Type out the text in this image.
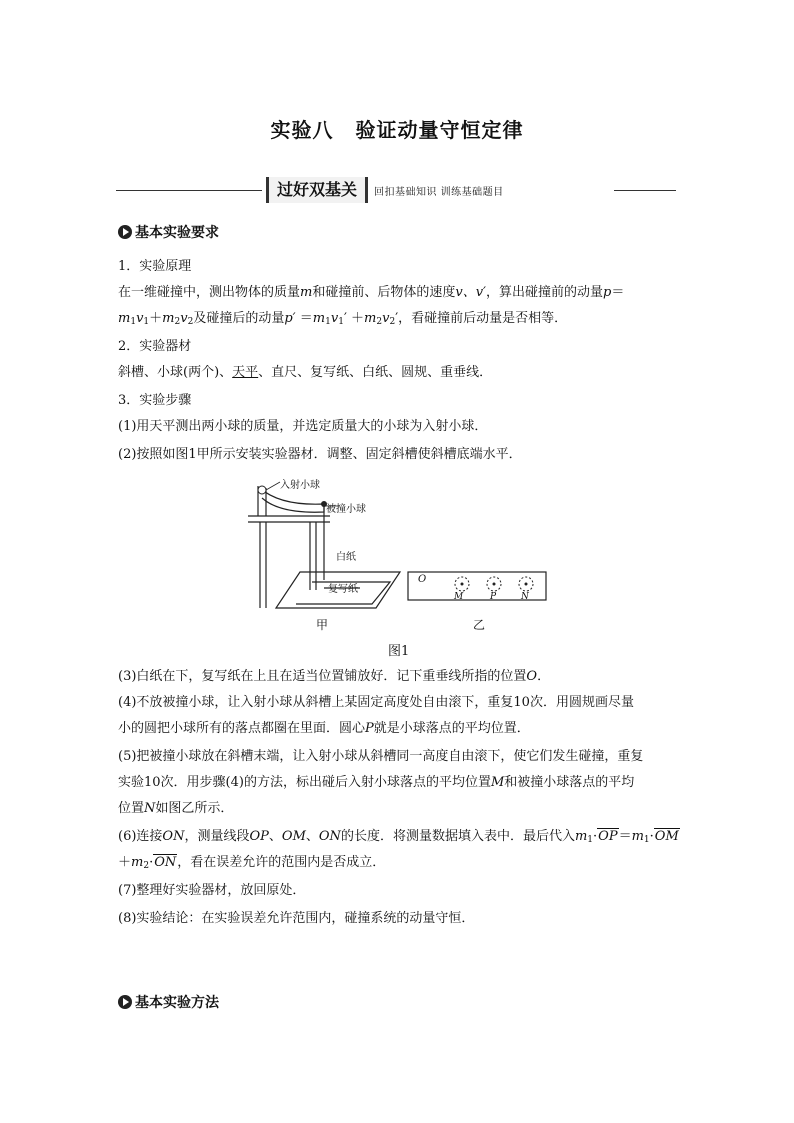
实验八 验证动量守恒定律
过好双基关	回扣基础知识 训练基础题目
基本实验要求
1．实验原理
在一维碰撞中，测出物体的质量m和碰撞前、后物体的速度v、v′，算出碰撞前的动量p＝
$m_1v_1+m_2v_2$及碰撞后的动量$p' =m_1v_1' +m_2v_2'$，看碰撞前后动量是否相等．
2．实验器材
斜槽、小球(两个)、天平、直尺、复写纸、白纸、圆规、重垂线．
3．实验步骤
(1)用天平测出两小球的质量，并选定质量大的小球为入射小球．
(2)按照如图1甲所示安装实验器材．调整、固定斜槽使斜槽底端水平．
入射小球
被撞小球
白纸
复写纸
O
M	P	N
甲	乙
图1
(3)白纸在下，复写纸在上且在适当位置铺放好．记下重垂线所指的位置O．
(4)不放被撞小球，让入射小球从斜槽上某固定高度处自由滚下，重复10次．用圆规画尽量
小的圆把小球所有的落点都圈在里面．圆心P就是小球落点的平均位置．
(5)把被撞小球放在斜槽末端，让入射小球从斜槽同一高度自由滚下，使它们发生碰撞，重复
实验10次．用步骤(4)的方法，标出碰后入射小球落点的平均位置M和被撞小球落点的平均
位置N如图乙所示．
(6)连接ON，测量线段OP、OM、ON的长度．将测量数据填入表中．最后代入$m_1\cdot OP=m_1\cdot OM$
$+m_2\cdot ON$，看在误差允许的范围内是否成立．
(7)整理好实验器材，放回原处．
(8)实验结论：在实验误差允许范围内，碰撞系统的动量守恒．
基本实验方法
